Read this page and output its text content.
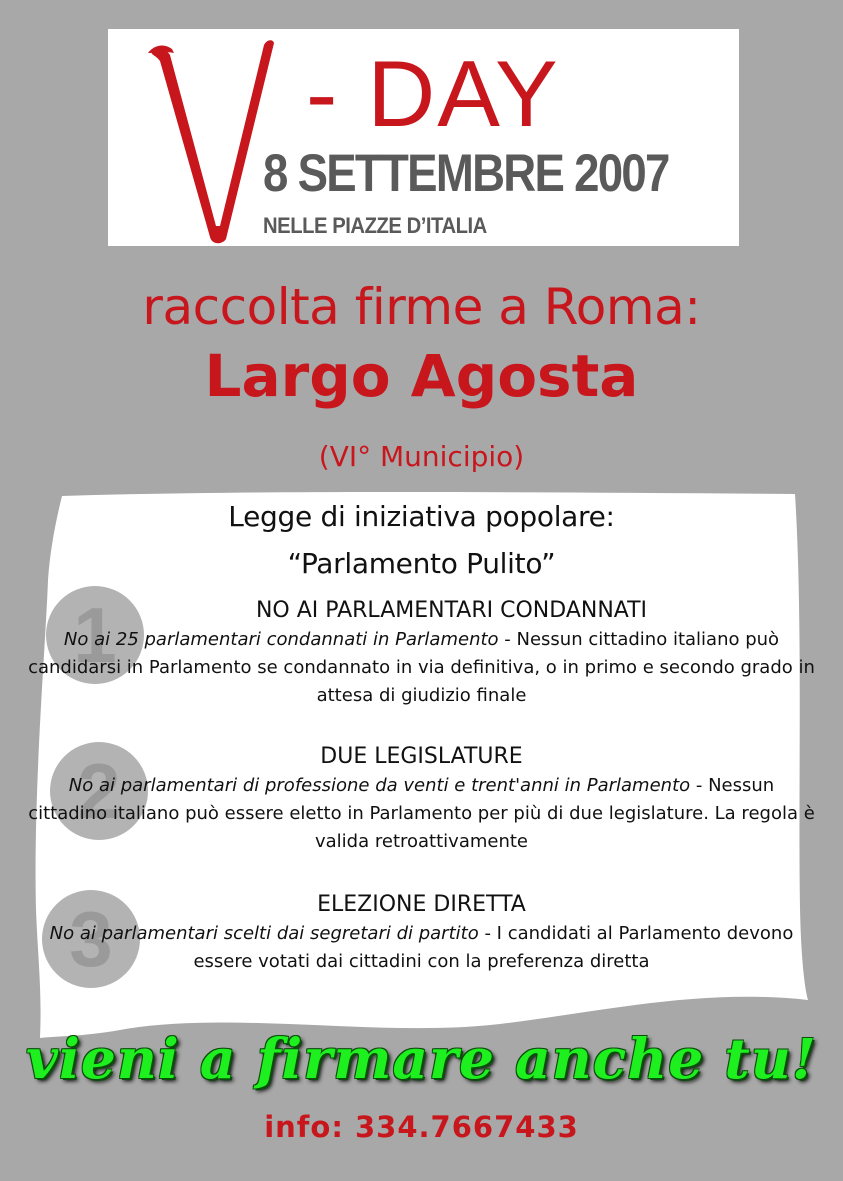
- DAY
8 SETTEMBRE 2007
NELLE PIAZZE D’ITALIA
raccolta firme a Roma:
Largo Agosta
(VI° Municipio)
1
2
3
Legge di iniziativa popolare:
“Parlamento Pulito”
NO AI PARLAMENTARI CONDANNATI
No ai 25 parlamentari condannati in Parlamento - Nessun cittadino italiano può candidarsi in Parlamento se condannato in via definitiva, o in primo e secondo grado in attesa di giudizio finale
DUE LEGISLATURE
No ai parlamentari di professione da venti e trent'anni in Parlamento - Nessun cittadino italiano può essere eletto in Parlamento per più di due legislature. La regola è valida retroattivamente
ELEZIONE DIRETTA
No ai parlamentari scelti dai segretari di partito - I candidati al Parlamento devono essere votati dai cittadini con la preferenza diretta
vieni a firmare anche tu!
info: 334.7667433
